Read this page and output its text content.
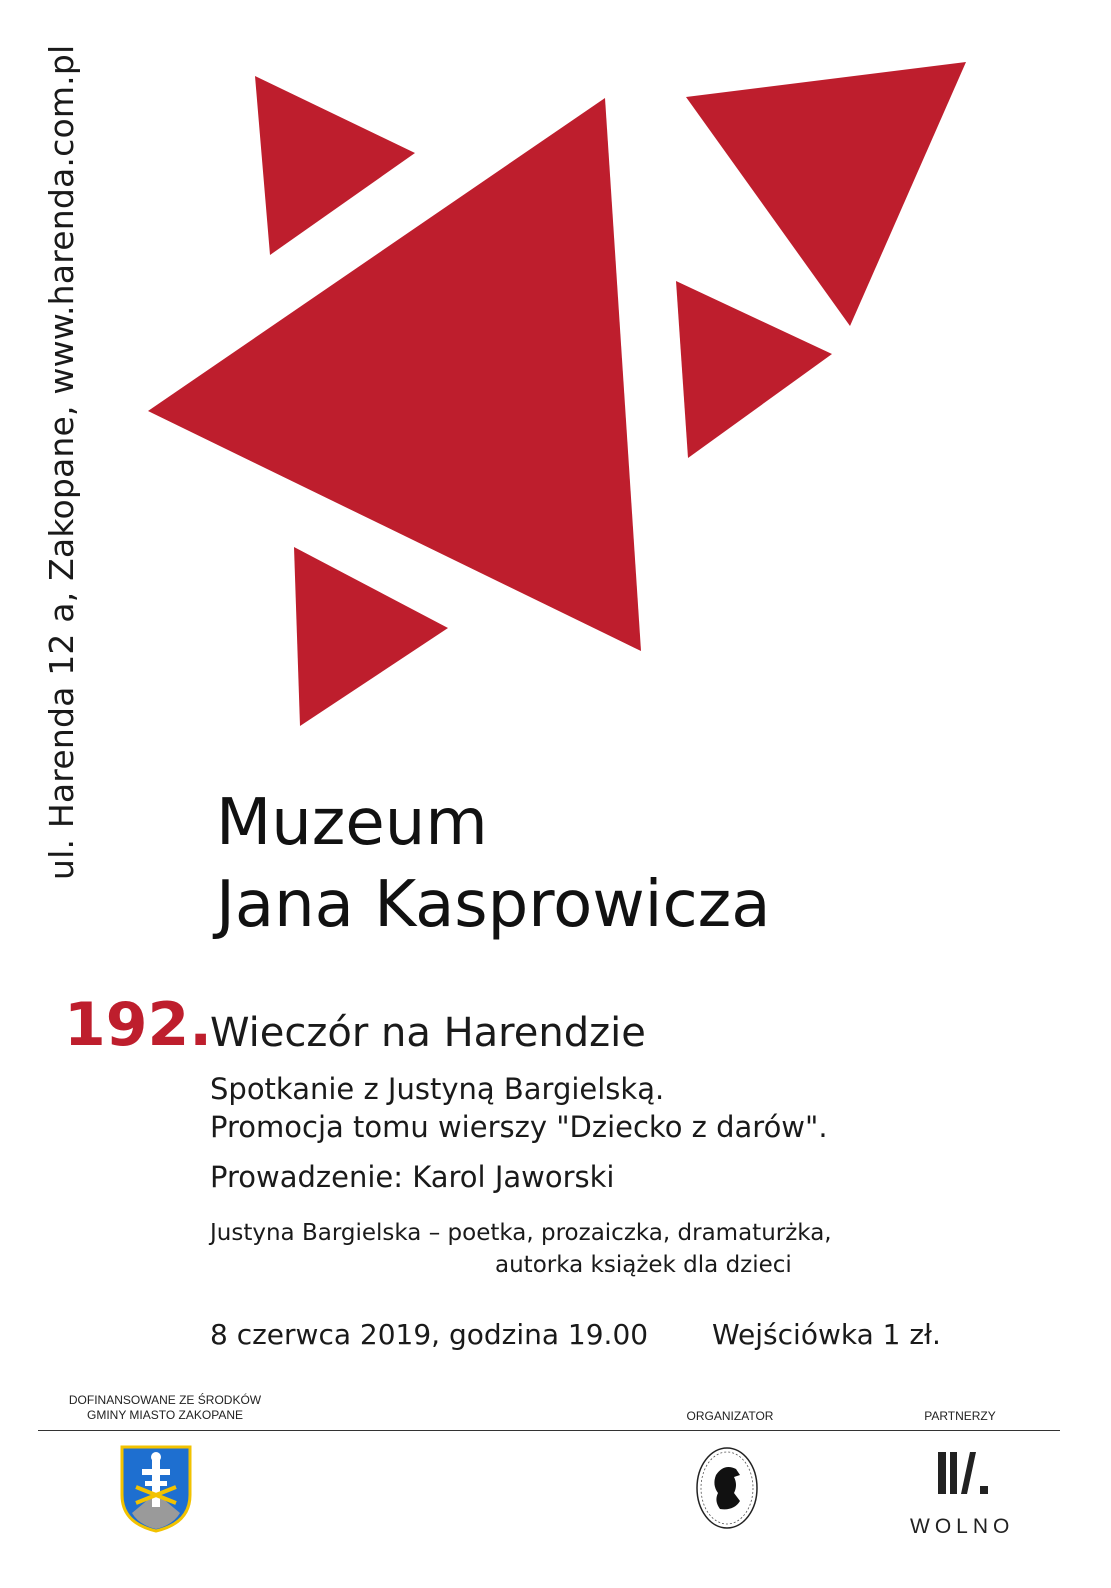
ul. Harenda 12 a, Zakopane, www.harenda.com.pl Muzeum
Jana Kasprowicza
192.
Wieczór na Harendzie
Spotkanie z Justyną Bargielską.
Promocja tomu wierszy "Dziecko z darów".
Prowadzenie: Karol Jaworski
Justyna Bargielska – poetka, prozaiczka, dramaturżka,
autorka książek dla dzieci
8 czerwca 2019, godzina 19.00 Wejściówka 1 zł.
DOFINANSOWANE ZE ŚRODKÓW
GMINY MIASTO ZAKOPANE	ORGANIZATOR	PARTNERZY
WOLNO
